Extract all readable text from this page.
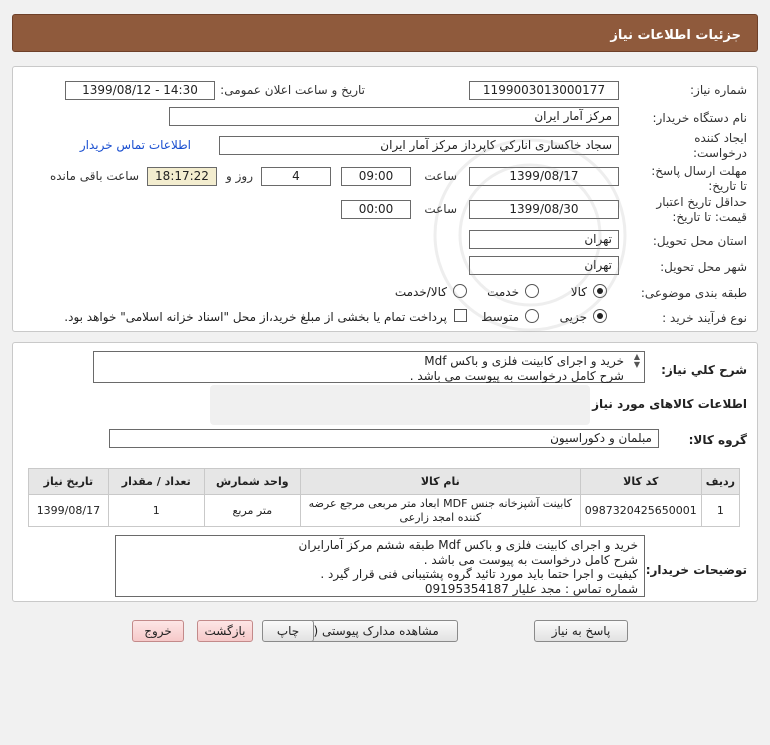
جزئیات اطلاعات نیاز
شماره نیاز:
1199003013000177
تاریخ و ساعت اعلان عمومی:
1399/08/12 - 14:30
نام دستگاه خریدار:
مرکز آمار ایران
ایجاد کننده
درخواست:
سجاد خاکساری اناركي كاپرداز مرکز آمار ایران
اطلاعات تماس خریدار
مهلت ارسال پاسخ:
تا تاریخ:
1399/08/17
ساعت
09:00
4
روز و
18:17:22
ساعت باقی مانده
حداقل تاریخ اعتبار
قیمت: تا تاریخ:
1399/08/30
ساعت
00:00
استان محل تحویل:
تهران
شهر محل تحویل:
تهران
طبقه بندی موضوعی:
کالا
خدمت
کالا/خدمت
نوع فرآیند خرید :
جزیی
متوسط
پرداخت تمام یا بخشی از مبلغ خرید،از محل "اسناد خزانه اسلامی" خواهد بود.
شرح كلي نياز:
▲
▼
خرید و اجرای کابینت فلزی و باکس Mdf
شرح کامل درخواست به پیوست می باشد .
اطلاعات کالاهای مورد نیاز
گروه کالا:
مبلمان و دکوراسیون
ردیف	کد کالا	نام کالا	واحد شمارش	تعداد / مقدار	تاریخ نیاز
1	0987320425650001	کابینت آشپزخانه جنس MDF ابعاد متر مربعی مرجع عرضه
کننده امجد زارعی	متر مربع	1	1399/08/17
توضیحات خریدار:
خرید و اجرای کابینت فلزی و باکس Mdf طبقه ششم مرکز آمارایران
شرح کامل درخواست به پیوست می باشد .
کیفیت و اجرا حتما باید مورد تائید گروه پشتیبانی فنی قرار گیرد .
شماره تماس : مجد علیار 09195354187
پاسخ به نیاز
مشاهده مدارک پیوستی (
چاپ
بازگشت
خروج
